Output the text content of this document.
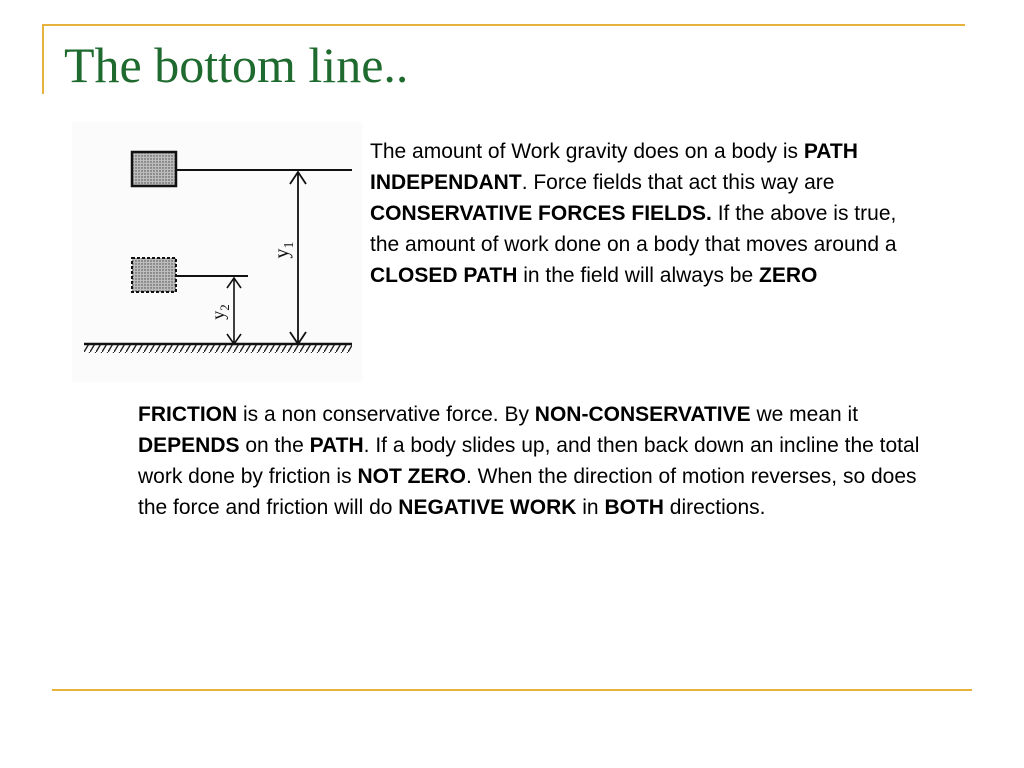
The bottom line..
$y_1$
$y_2$
The amount of Work gravity does on a body is PATH INDEPENDANT. Force fields that act this way are CONSERVATIVE FORCES FIELDS. If the above is true, the amount of work done on a body that moves around a CLOSED PATH in the field will always be ZERO
FRICTION is a non conservative force. By NON-CONSERVATIVE we mean it DEPENDS on the PATH. If a body slides up, and then back down an incline the total work done by friction is NOT ZERO. When the direction of motion reverses, so does the force and friction will do NEGATIVE WORK in BOTH directions.
